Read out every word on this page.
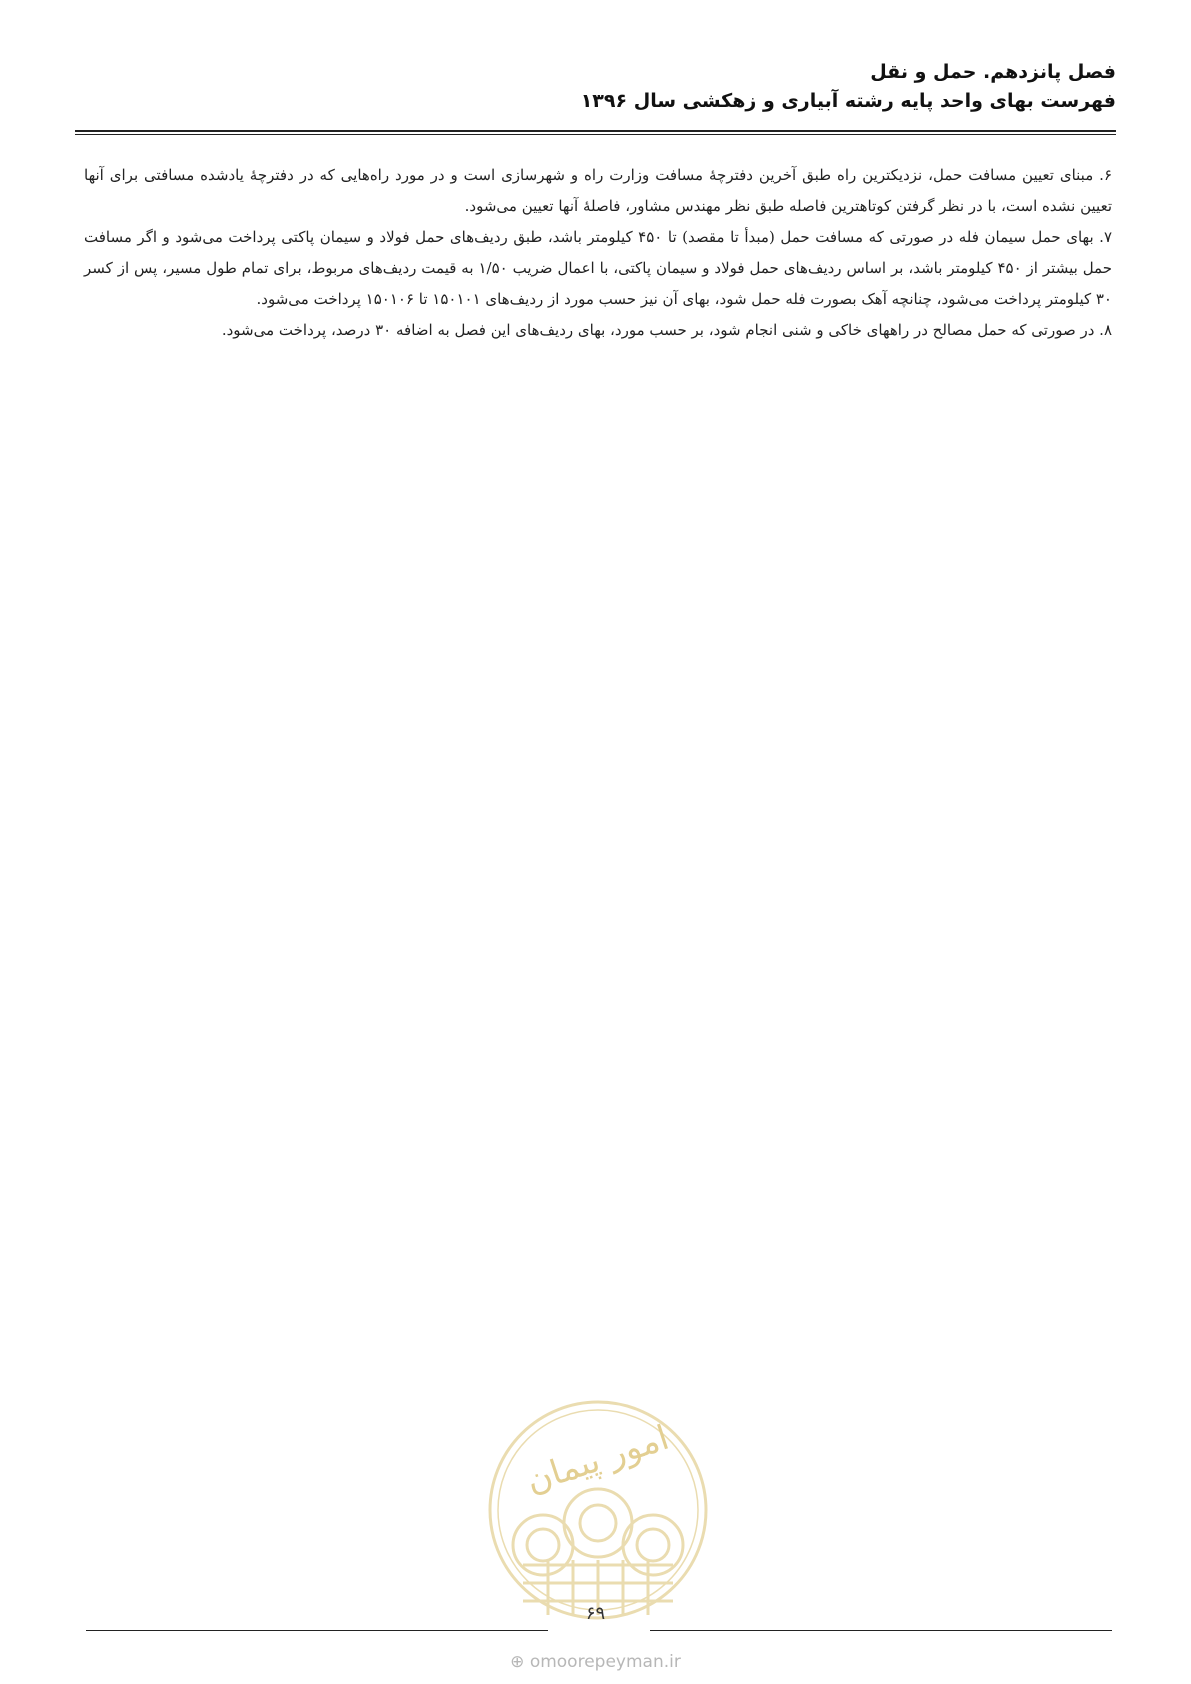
فصل پانزدهم. حمل و نقل
فهرست بهای واحد پایه رشته آبیاری و زهکشی سال ۱۳۹۶

۶. مبنای تعیین مسافت حمل، نزدیکترین راه طبق آخرین دفترچهٔ مسافت وزارت راه و شهرسازی است و در مورد راه‌هایی که در دفترچهٔ یادشده مسافتی برای آنها تعیین نشده است، با در نظر گرفتن کوتاهترین فاصله طبق نظر مهندس مشاور، فاصلهٔ آنها تعیین می‌شود.

۷. بهای حمل سیمان فله در صورتی که مسافت حمل (مبدأ تا مقصد) تا ۴۵۰ کیلومتر باشد، طبق ردیف‌های حمل فولاد و سیمان پاکتی پرداخت می‌شود و اگر مسافت حمل بیشتر از ۴۵۰ کیلومتر باشد، بر اساس ردیف‌های حمل فولاد و سیمان پاکتی، با اعمال ضریب ۱/۵۰ به قیمت ردیف‌های مربوط، برای تمام طول مسیر، پس از کسر ۳۰ کیلومتر پرداخت می‌شود، چنانچه آهک بصورت فله حمل شود، بهای آن نیز حسب مورد از ردیف‌های ۱۵۰۱۰۱ تا ۱۵۰۱۰۶ پرداخت می‌شود.

۸. در صورتی که حمل مصالح در راههای خاکی و شنی انجام شود، بر حسب مورد، بهای ردیف‌های این فصل به اضافه ۳۰ درصد، پرداخت می‌شود.

امور پیمان
۶۹
⊕ omoorepeyman.ir
